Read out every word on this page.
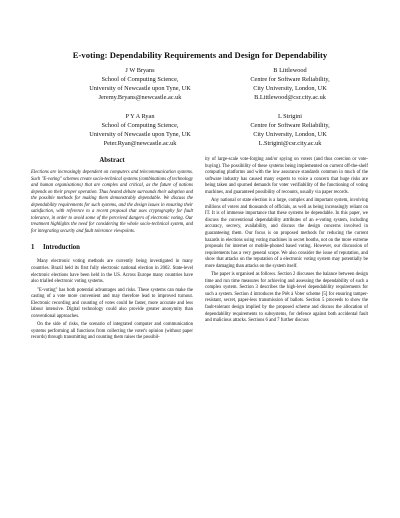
E-voting: Dependability Requirements and Design for Dependability
J W Bryans
School of Computing Science,
University of Newcastle upon Tyne, UK
Jeremy.Bryans@newcastle.ac.uk
B Littlewood
Centre for Software Reliability,
City University, London, UK
B.Littlewood@csr.city.ac.uk
P Y A Ryan
School of Computing Science,
University of Newcastle upon Tyne, UK
Peter.Ryan@newcastle.ac.uk
L Strigini
Centre for Software Reliability,
City University, London, UK
L.Strigini@csr.city.ac.uk
Abstract

Elections are increasingly dependent on computers and telecommunication systems. Such "E-voting" schemes create socio-technical systems (combinations of technology and human organisations) that are complex and critical, as the future of nations depends on their proper operation. Thus heated debate surrounds their adoption and the possible methods for making them demonstrably dependable. We discuss the dependability requirements for such systems, and the design issues in ensuring their satisfaction, with reference to a recent proposal that uses cryptography for fault tolerance, in order to avoid some of the perceived dangers of electronic voting. Our treatment highlights the need for considering the whole socio-technical system, and for integrating security and fault tolerance viewpoints.

1 Introduction

Many electronic voting methods are currently being investigated in many countries. Brazil held its first fully electronic national election in 2002. State-level electronic elections have been held in the US. Across Europe many countries have also trialled electronic voting systems.

"E-voting" has both potential advantages and risks. These systems can make the casting of a vote more convenient and may therefore lead to improved turnout. Electronic recording and counting of votes could be faster, more accurate and less labour intensive. Digital technology could also provide greater anonymity than conventional approaches.

On the side of risks, the scenario of integrated computer and communication systems performing all functions from collecting the voter's opinion (without paper records) through transmitting and counting them raises the possibil-

ity of large-scale vote-forging and/or spying on voters (and thus coercion or vote-buying). The possibility of these systems being implemented on current off-the-shelf computing platforms and with the low assurance standards common in much of the software industry has caused many experts to voice a concern that huge risks are being taken and spurned demands for voter verifiability of the functioning of voting machines, and guaranteed possibility of recounts, usually via paper records.

Any national or state election is a large, complex and important system, involving millions of voters and thousands of officials, as well as being increasingly reliant on IT. It is of immense importance that these systems be dependable. In this paper, we discuss the conventional dependability attributes of an e-voting system, including accuracy, secrecy, availability, and discuss the design concerns involved in guaranteeing them. Our focus is on proposed methods for reducing the current hazards in elections using voting machines in secret booths, not on the more extreme proposals for internet or mobile-phoned based voting. However, our discussion of requirements has a very general scope. We also consider the issue of reputation, and show that attacks on the reputation of a electronic voting system may potentially be more damaging than attacks on the system itself.

The paper is organised as follows. Section 2 discusses the balance between design time and run time measures for achieving and assessing the dependability of such a complex system. Section 3 describes the high-level dependability requirements for such a system. Section 4 introduces the Prêt à Voter scheme [5] for ensuring tamper-resistant, secret, paper-less transmission of ballots. Section 5 proceeds to show the fault-tolerant design implied by the proposed scheme and discuss the allocation of dependability requirements to subsystems, for defence against both accidental fault and malicious attacks. Sections 6 and 7 further discuss
